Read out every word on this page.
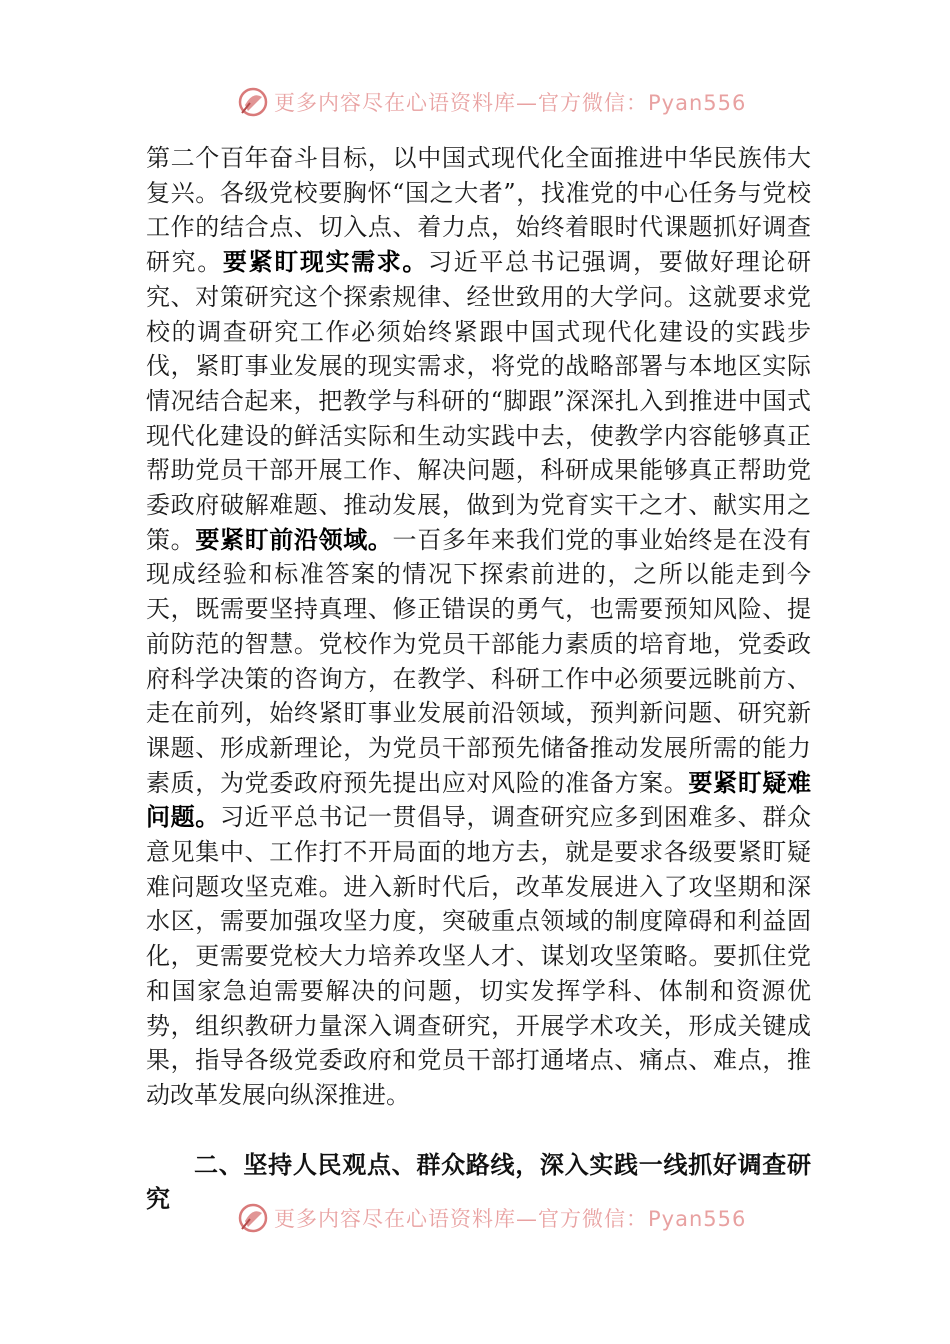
更多内容尽在心语资料库—官方微信：Pyan556

第二个百年奋斗目标，以中国式现代化全面推进中华民族伟大复兴。各级党校要胸怀“国之大者”，找准党的中心任务与党校工作的结合点、切入点、着力点，始终着眼时代课题抓好调查研究。要紧盯现实需求。习近平总书记强调，要做好理论研究、对策研究这个探索规律、经世致用的大学问。这就要求党校的调查研究工作必须始终紧跟中国式现代化建设的实践步伐，紧盯事业发展的现实需求，将党的战略部署与本地区实际情况结合起来，把教学与科研的“脚跟”深深扎入到推进中国式现代化建设的鲜活实际和生动实践中去，使教学内容能够真正帮助党员干部开展工作、解决问题，科研成果能够真正帮助党委政府破解难题、推动发展，做到为党育实干之才、献实用之策。要紧盯前沿领域。一百多年来我们党的事业始终是在没有现成经验和标准答案的情况下探索前进的，之所以能走到今天，既需要坚持真理、修正错误的勇气，也需要预知风险、提前防范的智慧。党校作为党员干部能力素质的培育地，党委政府科学决策的咨询方，在教学、科研工作中必须要远眺前方、走在前列，始终紧盯事业发展前沿领域，预判新问题、研究新课题、形成新理论，为党员干部预先储备推动发展所需的能力素质，为党委政府预先提出应对风险的准备方案。要紧盯疑难问题。习近平总书记一贯倡导，调查研究应多到困难多、群众意见集中、工作打不开局面的地方去，就是要求各级要紧盯疑难问题攻坚克难。进入新时代后，改革发展进入了攻坚期和深水区，需要加强攻坚力度，突破重点领域的制度障碍和利益固化，更需要党校大力培养攻坚人才、谋划攻坚策略。要抓住党和国家急迫需要解决的问题，切实发挥学科、体制和资源优势，组织教研力量深入调查研究，开展学术攻关，形成关键成果，指导各级党委政府和党员干部打通堵点、痛点、难点，推动改革发展向纵深推进。

二、坚持人民观点、群众路线，深入实践一线抓好调查研究

更多内容尽在心语资料库—官方微信：Pyan556
